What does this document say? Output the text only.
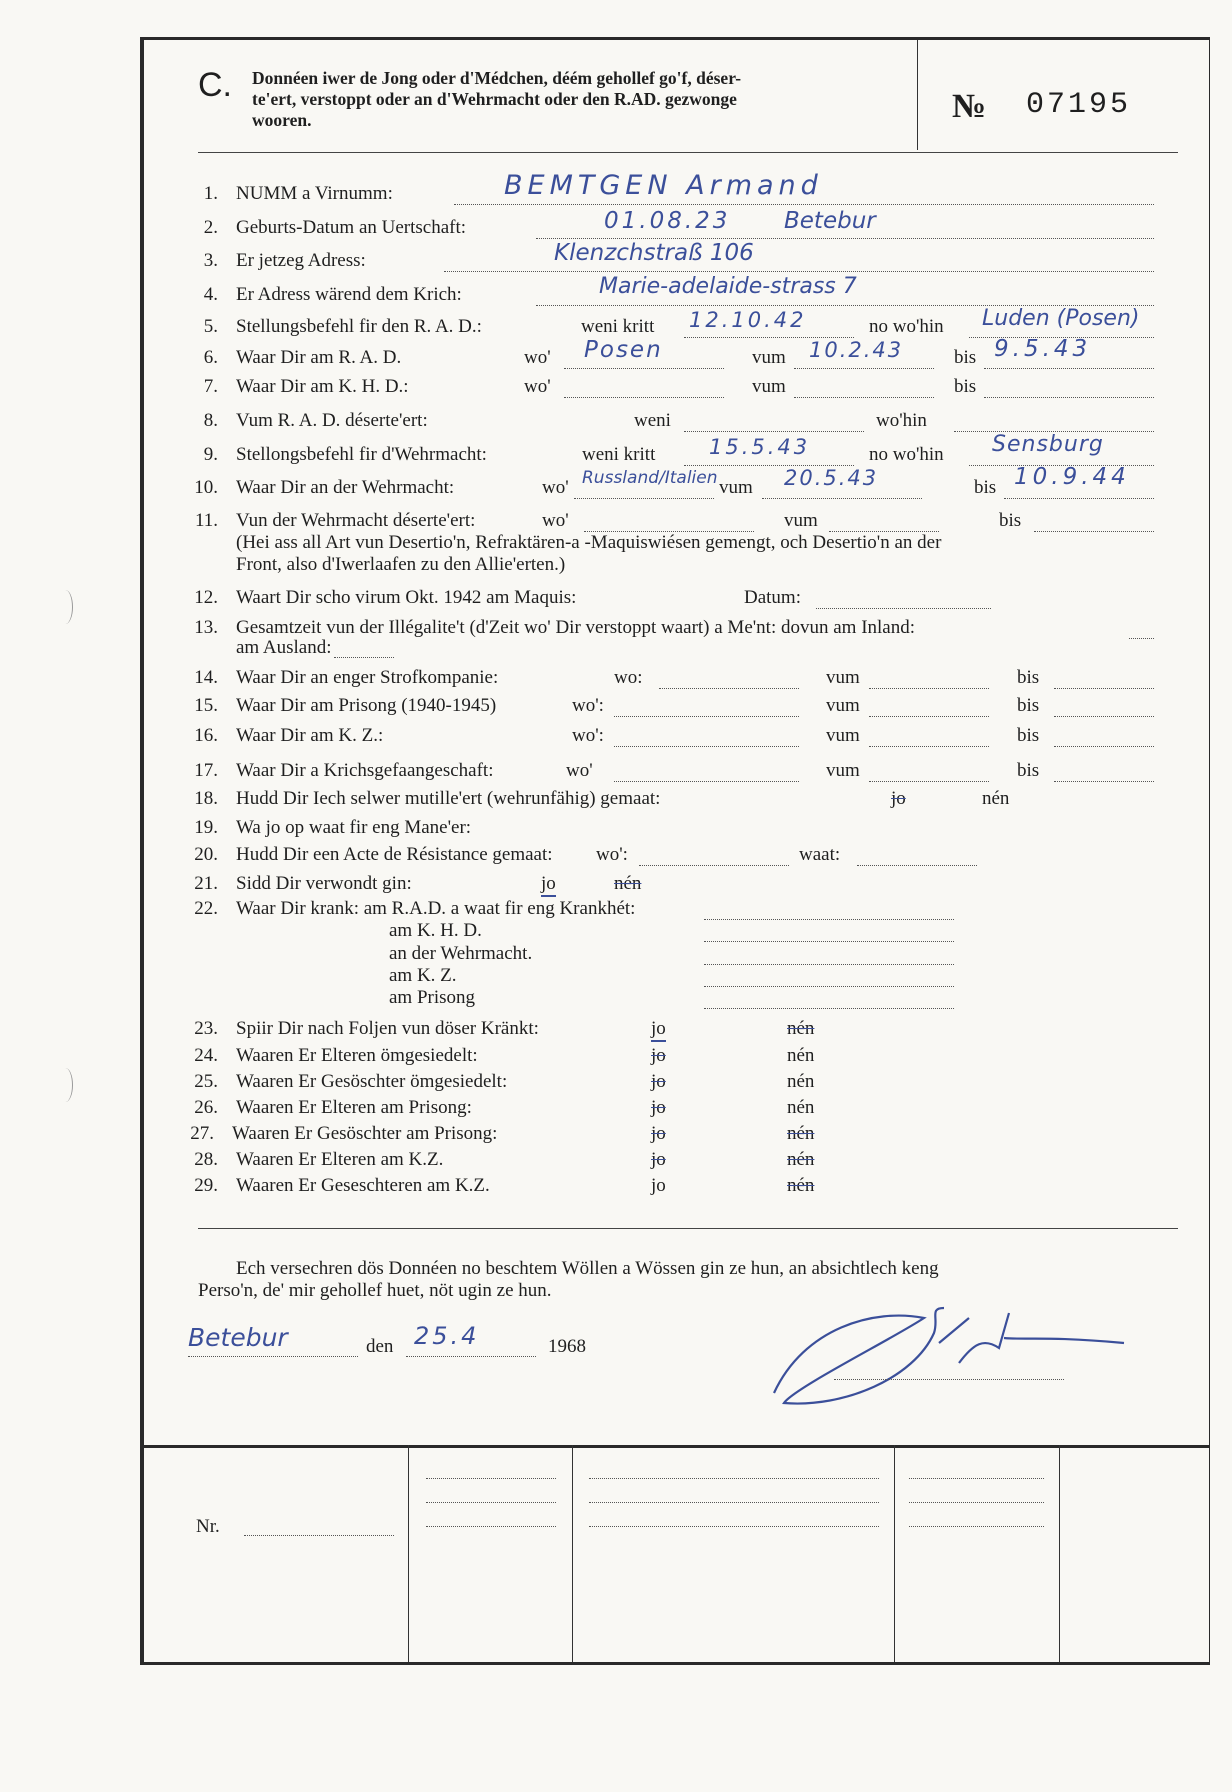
C. Donnéen iwer de Jong oder d'Médchen, déém gehollef go'f, déser-
te'ert, verstoppt oder an d'Wehrmacht oder den R.AD. gezwonge
wooren.	№ 07195
1. NUMM a Virnumm:	BEMTGEN Armand
2. Geburts-Datum an Uertschaft:	01.08.23 Betebur
3. Er jetzeg Adress:	Klenzchstraß 106
4. Er Adress wärend dem Krich:	Marie-adelaide-strass 7
5. Stellungsbefehl fir den R. A. D.:	weni kritt 12.10.42	no wo'hin Luden (Posen)
6. Waar Dir am R. A. D.	wo' Posen	vum 10.2.43	bis 9.5.43
7. Waar Dir am K. H. D.:	wo'	vum	bis
8. Vum R. A. D. déserte'ert:	weni	wo'hin
9. Stellongsbefehl fir d'Wehrmacht:	weni kritt	15.5.43	no wo'hin Sensburg
10. Waar Dir an der Wehrmacht:	wo' Russland/Italien vum 20.5.43	bis 10.9.44
11. Vun der Wehrmacht déserte'ert:	wo'	vum	bis
(Hei ass all Art vun Desertio'n, Refraktären-a -Maquiswiésen gemengt, och Desertio'n an der
Front, also d'Iwerlaafen zu den Allie'erten.)
12. Waart Dir scho virum Okt. 1942 am Maquis:	Datum:
13. Gesamtzeit vun der Illégalite't (d'Zeit wo' Dir verstoppt waart) a Me'nt: dovun am Inland:
am Ausland:
14. Waar Dir an enger Strofkompanie:	wo:	vum	bis
15. Waar Dir am Prisong (1940-1945)	wo':	vum	bis
16. Waar Dir am K. Z.:	wo':	vum	bis
17. Waar Dir a Krichsgefaangeschaft:	wo'	vum	bis
18. Hudd Dir Iech selwer mutille'ert (wehrunfähig) gemaat:	jo	nén
19. Wa jo op waat fir eng Mane'er:
20. Hudd Dir een Acte de Résistance gemaat: wo':	waat:
21. Sidd Dir verwondt gin:	jo	nén
22. Waar Dir krank: am R.A.D. a waat fir eng Krankhét:
am K. H. D.
an der Wehrmacht.
am K. Z.
am Prisong
23. Spiir Dir nach Foljen vun döser Kränkt:	jo	nén
24. Waaren Er Elteren ömgesiedelt:	jo	nén
25. Waaren Er Gesöschter ömgesiedelt:	jo	nén
26. Waaren Er Elteren am Prisong:	jo	nén
27. Waaren Er Gesöschter am Prisong:	jo	nén
28. Waaren Er Elteren am K.Z.	jo	nén
29. Waaren Er Geseschteren am K.Z.	jo	nén
Ech versechren dös Donnéen no beschtem Wöllen a Wössen gin ze hun, an absichtlech keng
Perso'n, de' mir gehollef huet, nöt ugin ze hun.
Betebur	den 25.4	1968
Nr.
